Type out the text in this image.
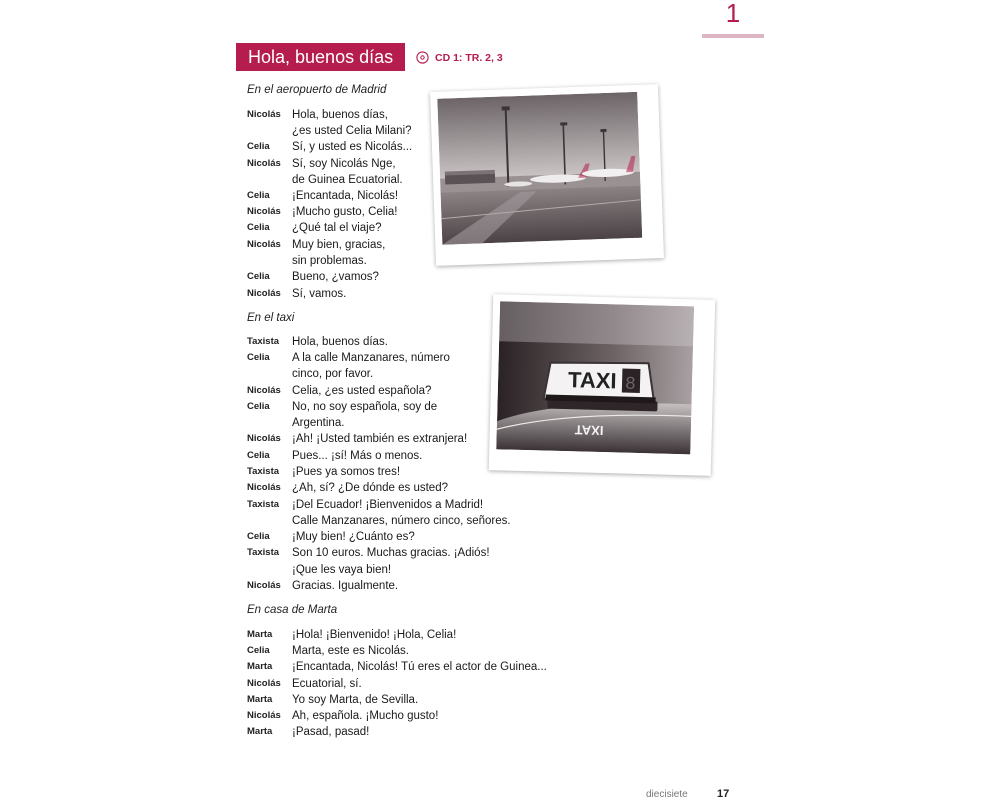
1
Hola, buenos días	CD 1: TR. 2, 3
En el aeropuerto de Madrid
Nicolás Hola, buenos días,
¿es usted Celia Milani?
Celia	Sí, y usted es Nicolás...
Nicolás Sí, soy Nicolás Nge,
de Guinea Ecuatorial.
Celia	¡Encantada, Nicolás!
Nicolás ¡Mucho gusto, Celia!
Celia	¿Qué tal el viaje?
Nicolás Muy bien, gracias,
sin problemas.
Celia	Bueno, ¿vamos?
Nicolás Sí, vamos.
En el taxi
Taxista	Hola, buenos días.
Celia	A la calle Manzanares, número
cinco, por favor.
Nicolás Celia, ¿es usted española?
Celia	No, no soy española, soy de
Argentina.
Nicolás ¡Ah! ¡Usted también es extranjera!
Celia	Pues... ¡sí! Más o menos.
Taxista	¡Pues ya somos tres!
Nicolás ¿Ah, sí? ¿De dónde es usted?
Taxista	¡Del Ecuador! ¡Bienvenidos a Madrid!
Calle Manzanares, número cinco, señores.
Celia	¡Muy bien! ¿Cuánto es?
Taxista	Son 10 euros. Muchas gracias. ¡Adiós!
¡Que les vaya bien!
Nicolás Gracias. Igualmente.
En casa de Marta
Marta	¡Hola! ¡Bienvenido! ¡Hola, Celia!
Celia	Marta, este es Nicolás.
Marta	¡Encantada, Nicolás! Tú eres el actor de Guinea...
Nicolás Ecuatorial, sí.
Marta	Yo soy Marta, de Sevilla.
Nicolás Ah, española. ¡Mucho gusto!
Marta	¡Pasad, pasad!
TAXI 8
TAXI
diecisiete	17
